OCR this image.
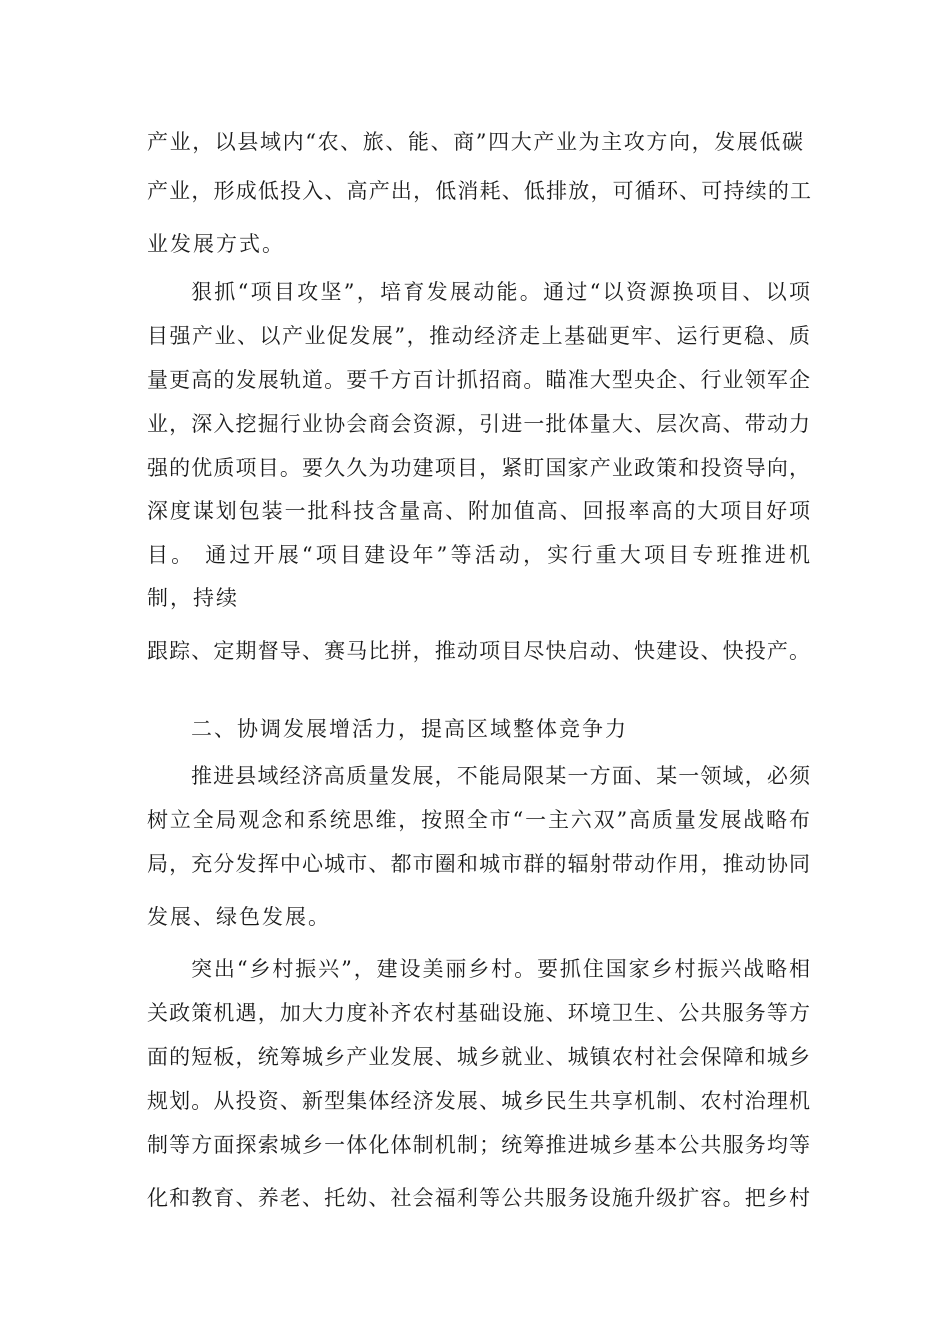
产业，以县域内“农、旅、能、商”四大产业为主攻方向，发展低碳

产业，形成低投入、高产出，低消耗、低排放，可循环、可持续的工

业发展方式。

狠抓“项目攻坚”，培育发展动能。通过“以资源换项目、以项

目强产业、以产业促发展”，推动经济走上基础更牢、运行更稳、质

量更高的发展轨道。要千方百计抓招商。瞄准大型央企、行业领军企

业，深入挖掘行业协会商会资源，引进一批体量大、层次高、带动力

强的优质项目。要久久为功建项目，紧盯国家产业政策和投资导向，

深度谋划包装一批科技含量高、附加值高、回报率高的大项目好项

目。 通过开展“项目建设年”等活动，实行重大项目专班推进机

制，持续

跟踪、定期督导、赛马比拼，推动项目尽快启动、快建设、快投产。

二、协调发展增活力，提高区域整体竞争力

推进县域经济高质量发展，不能局限某一方面、某一领域，必须

树立全局观念和系统思维，按照全市“一主六双”高质量发展战略布

局，充分发挥中心城市、都市圈和城市群的辐射带动作用，推动协同

发展、绿色发展。

突出“乡村振兴”，建设美丽乡村。要抓住国家乡村振兴战略相

关政策机遇，加大力度补齐农村基础设施、环境卫生、公共服务等方

面的短板，统筹城乡产业发展、城乡就业、城镇农村社会保障和城乡

规划。从投资、新型集体经济发展、城乡民生共享机制、农村治理机

制等方面探索城乡一体化体制机制；统筹推进城乡基本公共服务均等

化和教育、养老、托幼、社会福利等公共服务设施升级扩容。把乡村
